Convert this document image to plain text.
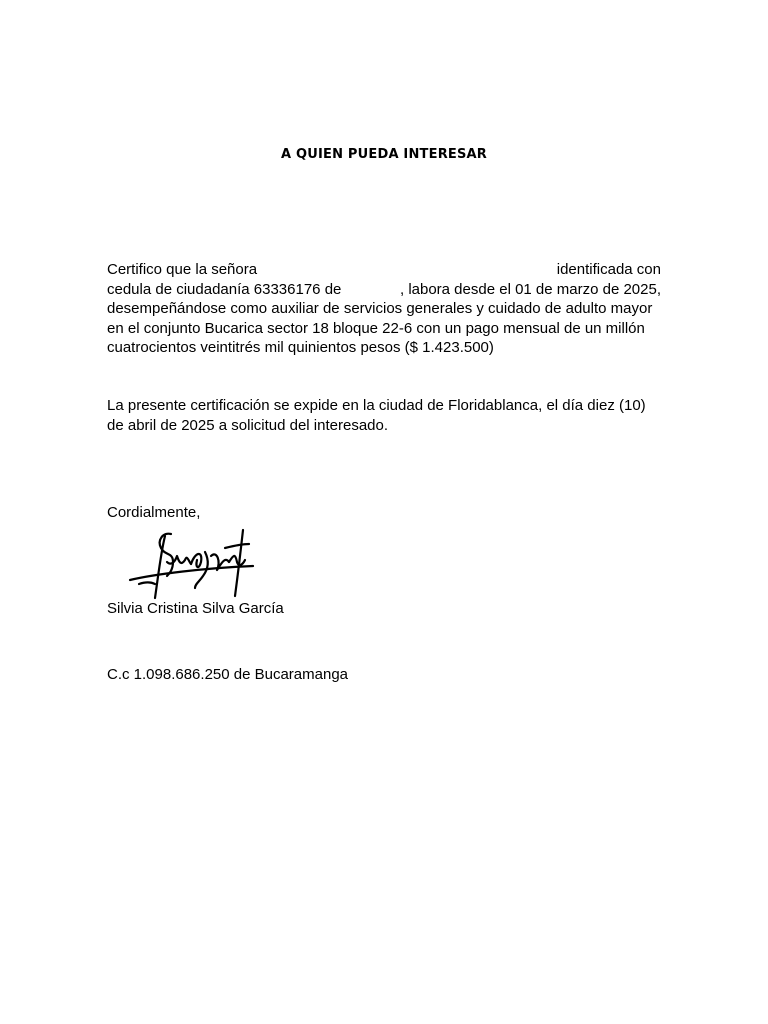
A QUIEN PUEDA INTERESAR
Certifico que la señora	identificada con
cedula de ciudadanía 63336176 de	, labora desde el 01 de marzo de 2025,
desempeñándose como auxiliar de servicios generales y cuidado de adulto mayor
en el conjunto Bucarica sector 18 bloque 22-6 con un pago mensual de un millón
cuatrocientos veintitrés mil quinientos pesos ($ 1.423.500)
La presente certificación se expide en la ciudad de Floridablanca, el día diez (10)
de abril de 2025 a solicitud del interesado.
Cordialmente,
Silvia Cristina Silva García
C.c 1.098.686.250 de Bucaramanga
